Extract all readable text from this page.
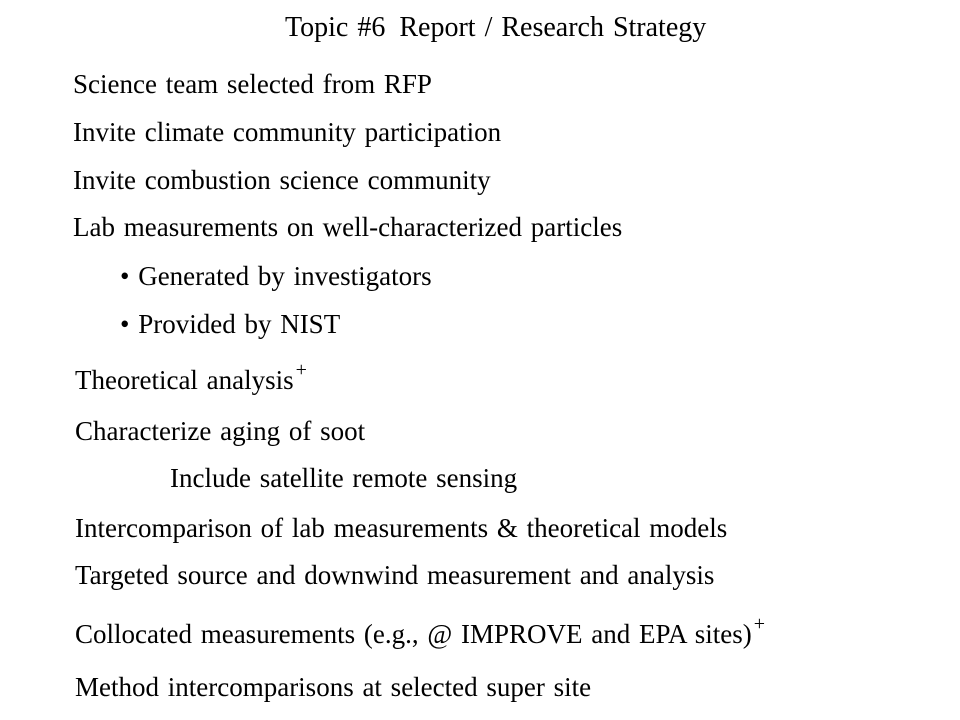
Topic #6 Report / Research Strategy
Science team selected from RFP
Invite climate community participation
Invite combustion science community
Lab measurements on well-characterized particles
• Generated by investigators
• Provided by NIST
Theoretical analysis +
Characterize aging of soot
Include satellite remote sensing
Intercomparison of lab measurements & theoretical models
Targeted source and downwind measurement and analysis
Collocated measurements (e.g., @ IMPROVE and EPA sites) +
Method intercomparisons at selected super site
